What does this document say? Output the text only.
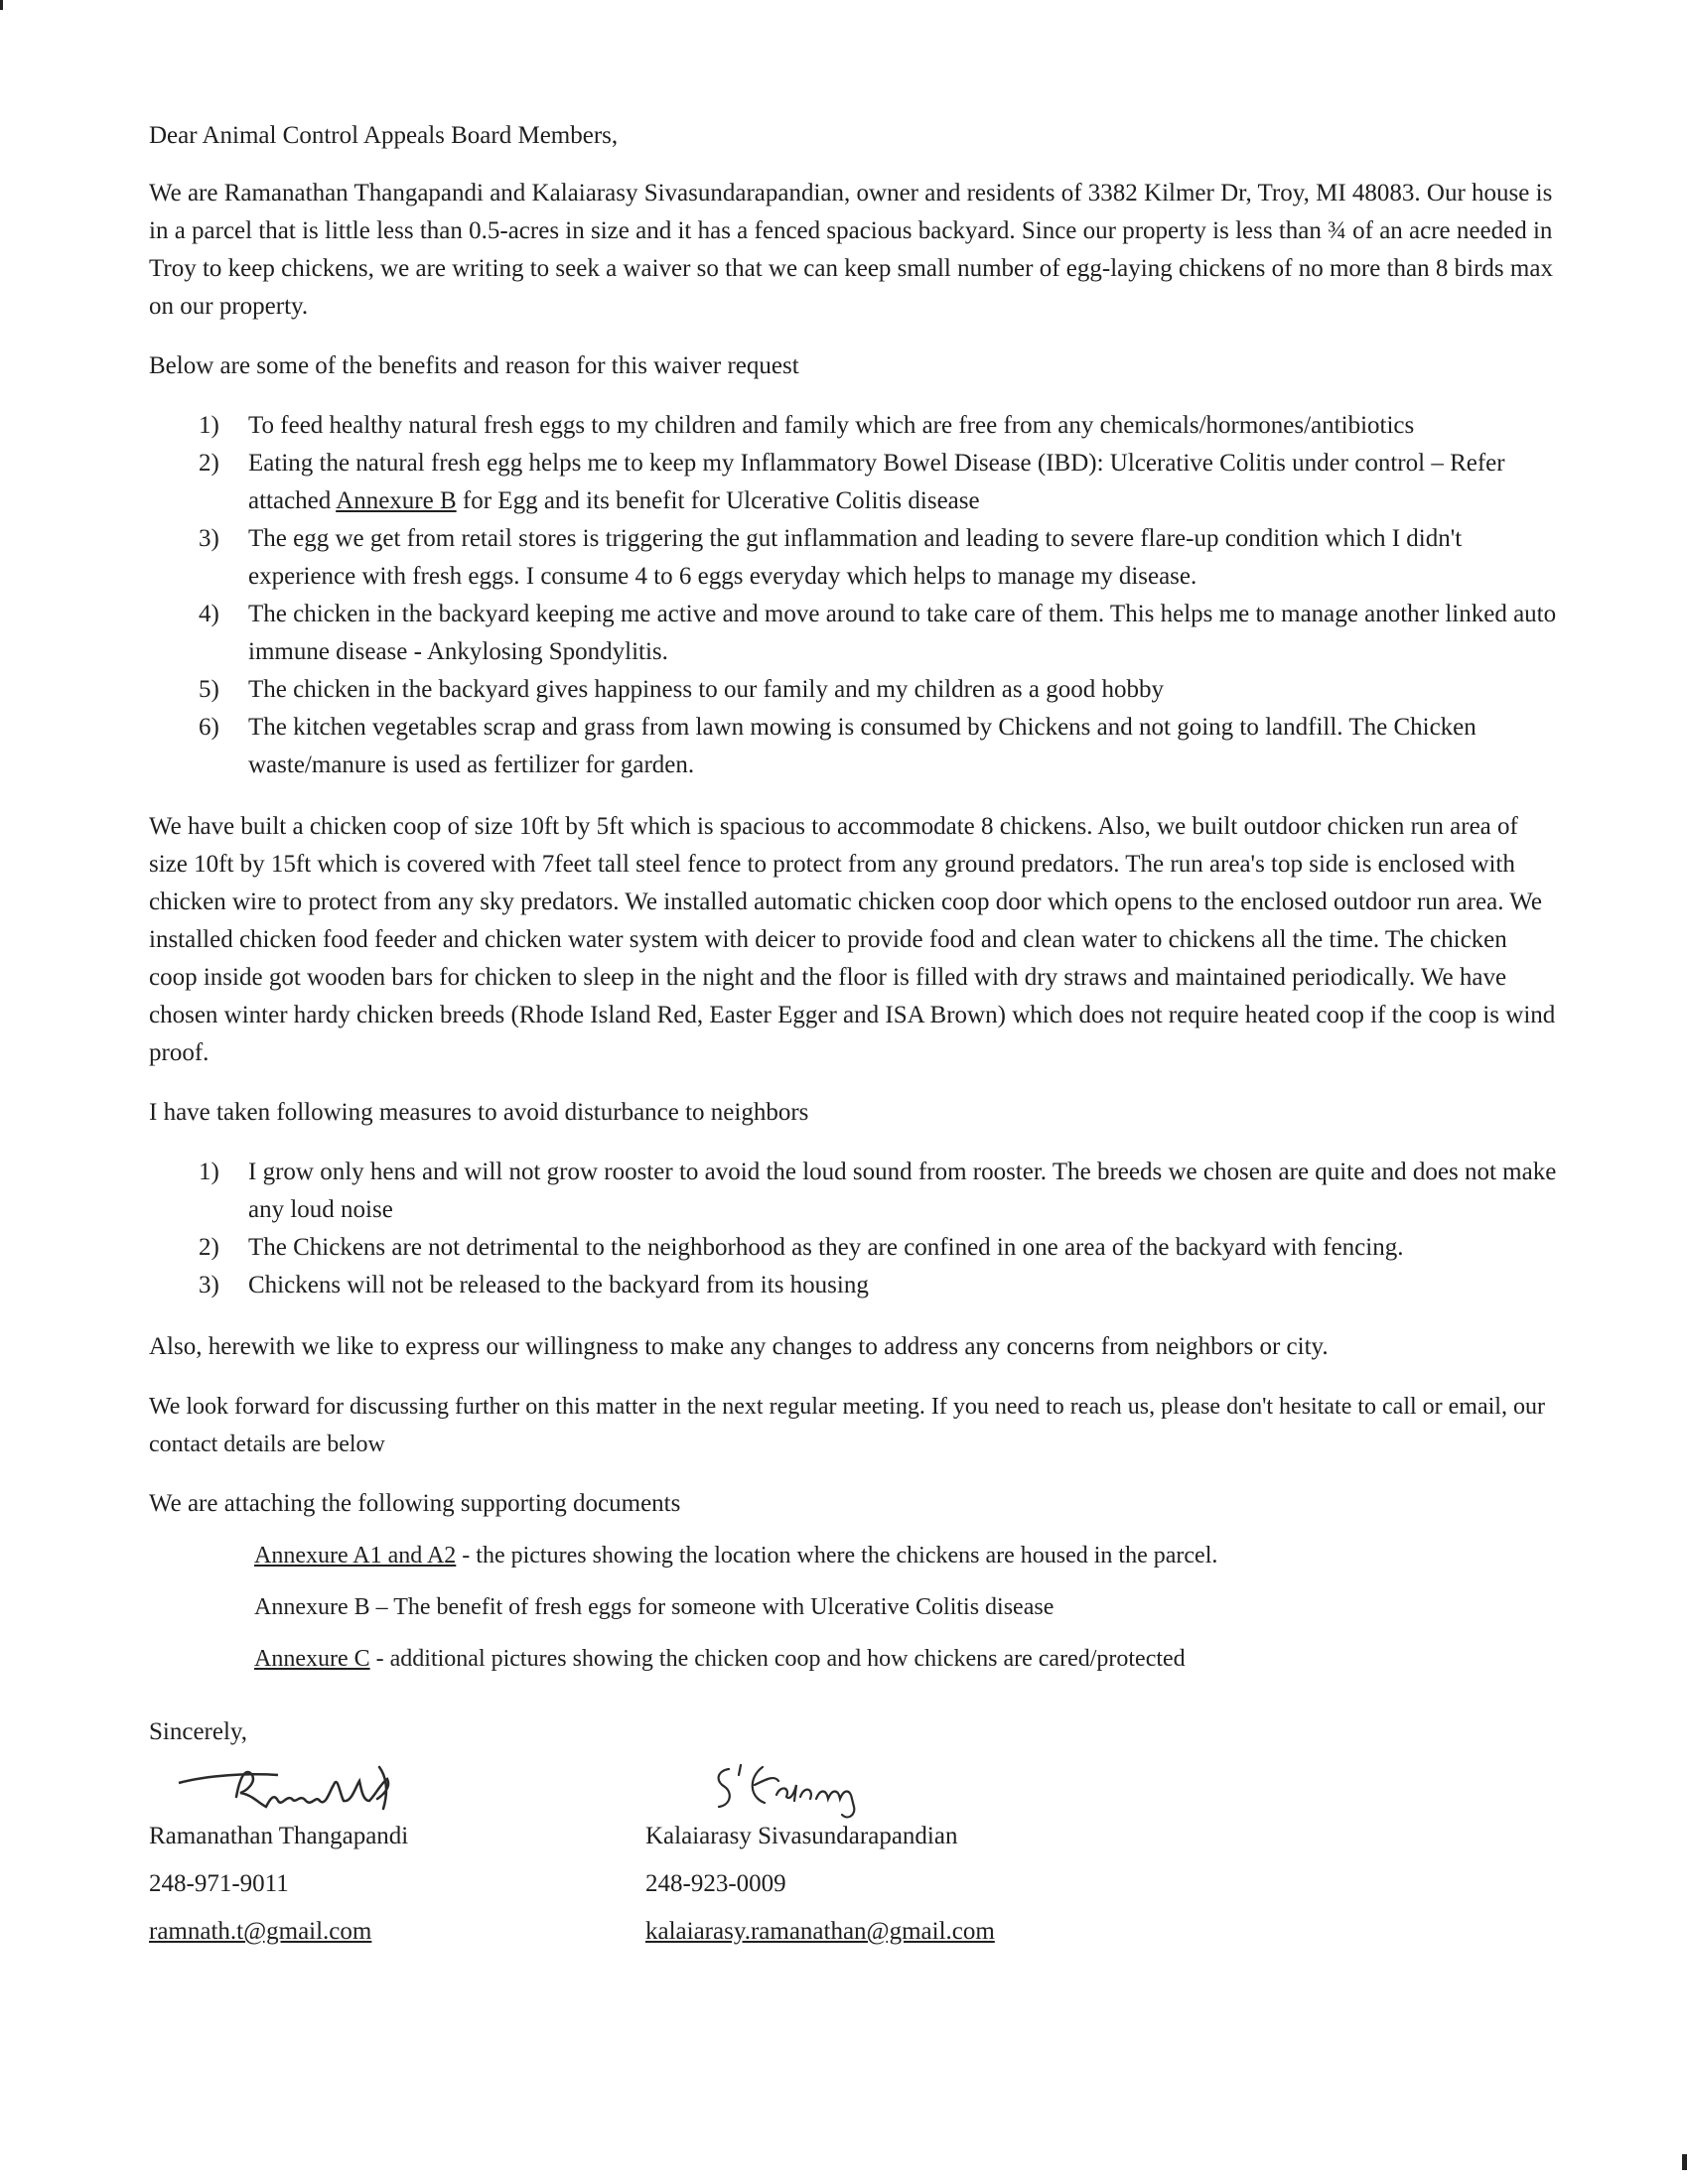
Dear Animal Control Appeals Board Members,

We are Ramanathan Thangapandi and Kalaiarasy Sivasundarapandian, owner and residents of 3382 Kilmer Dr, Troy, MI 48083. Our house is in a parcel that is little less than 0.5-acres in size and it has a fenced spacious backyard. Since our property is less than ¾ of an acre needed in Troy to keep chickens, we are writing to seek a waiver so that we can keep small number of egg-laying chickens of no more than 8 birds max on our property.

Below are some of the benefits and reason for this waiver request

1)	To feed healthy natural fresh eggs to my children and family which are free from any chemicals/hormones/antibiotics
2)	Eating the natural fresh egg helps me to keep my Inflammatory Bowel Disease (IBD): Ulcerative Colitis under control – Refer attached Annexure B for Egg and its benefit for Ulcerative Colitis disease
3)	The egg we get from retail stores is triggering the gut inflammation and leading to severe flare-up condition which I didn't experience with fresh eggs. I consume 4 to 6 eggs everyday which helps to manage my disease.
4)	The chicken in the backyard keeping me active and move around to take care of them. This helps me to manage another linked auto immune disease - Ankylosing Spondylitis.
5)	The chicken in the backyard gives happiness to our family and my children as a good hobby
6)	The kitchen vegetables scrap and grass from lawn mowing is consumed by Chickens and not going to landfill. The Chicken waste/manure is used as fertilizer for garden.

We have built a chicken coop of size 10ft by 5ft which is spacious to accommodate 8 chickens. Also, we built outdoor chicken run area of size 10ft by 15ft which is covered with 7feet tall steel fence to protect from any ground predators. The run area's top side is enclosed with chicken wire to protect from any sky predators. We installed automatic chicken coop door which opens to the enclosed outdoor run area. We installed chicken food feeder and chicken water system with deicer to provide food and clean water to chickens all the time. The chicken coop inside got wooden bars for chicken to sleep in the night and the floor is filled with dry straws and maintained periodically. We have chosen winter hardy chicken breeds (Rhode Island Red, Easter Egger and ISA Brown) which does not require heated coop if the coop is wind proof.

I have taken following measures to avoid disturbance to neighbors

1)	I grow only hens and will not grow rooster to avoid the loud sound from rooster. The breeds we chosen are quite and does not make any loud noise
2)	The Chickens are not detrimental to the neighborhood as they are confined in one area of the backyard with fencing.
3)	Chickens will not be released to the backyard from its housing

Also, herewith we like to express our willingness to make any changes to address any concerns from neighbors or city.

We look forward for discussing further on this matter in the next regular meeting. If you need to reach us, please don't hesitate to call or email, our contact details are below

We are attaching the following supporting documents

Annexure A1 and A2 - the pictures showing the location where the chickens are housed in the parcel.

Annexure B – The benefit of fresh eggs for someone with Ulcerative Colitis disease

Annexure C - additional pictures showing the chicken coop and how chickens are cared/protected

Sincerely,

Ramanathan Thangapandi

248-971-9011

ramnath.t@gmail.com

Kalaiarasy Sivasundarapandian

248-923-0009

kalaiarasy.ramanathan@gmail.com
